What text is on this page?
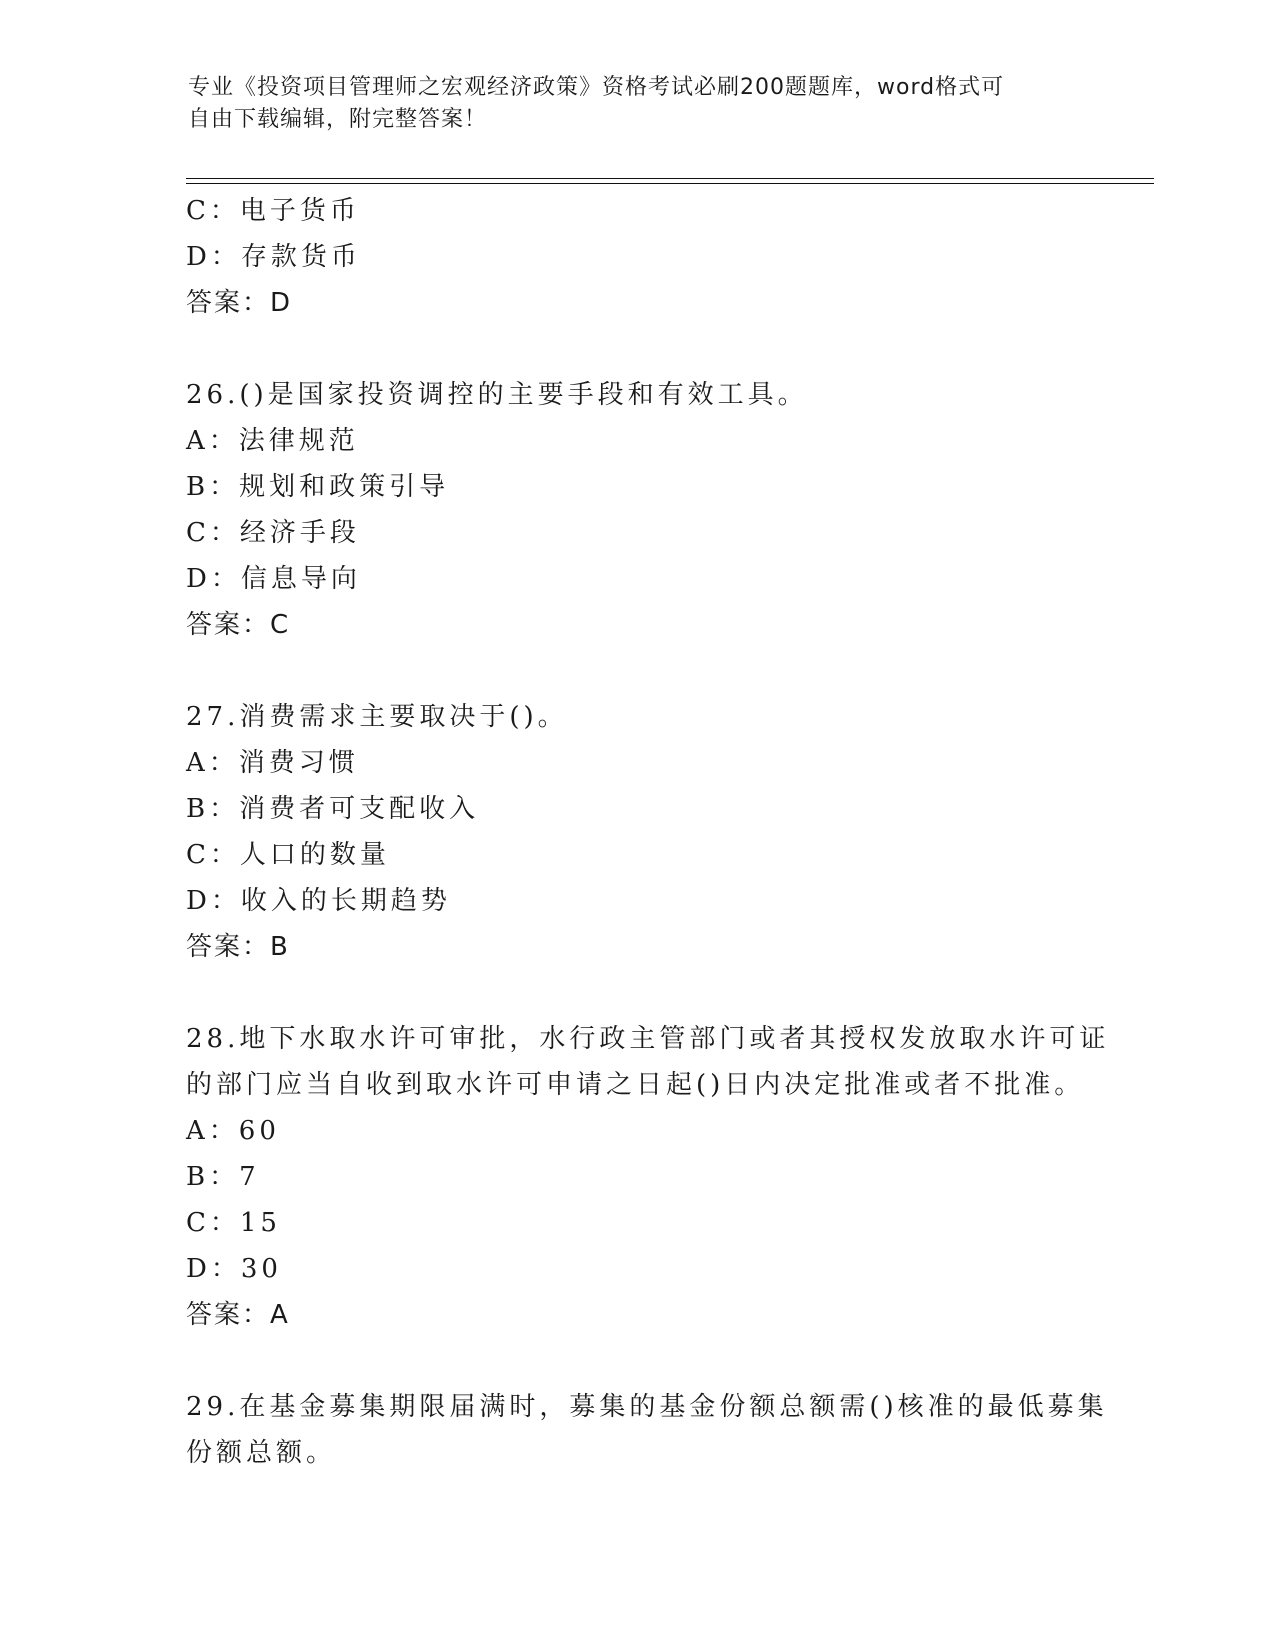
专业《投资项目管理师之宏观经济政策》资格考试必刷200题题库，word格式可
自由下载编辑，附完整答案！
C：电子货币
D：存款货币
答案：D
26.()是国家投资调控的主要手段和有效工具。
A：法律规范
B：规划和政策引导
C：经济手段
D：信息导向
答案：C
27.消费需求主要取决于()。
A：消费习惯
B：消费者可支配收入
C：人口的数量
D：收入的长期趋势
答案：B
28.地下水取水许可审批，水行政主管部门或者其授权发放取水许可证
的部门应当自收到取水许可申请之日起()日内决定批准或者不批准。
A：60
B：7
C：15
D：30
答案：A
29.在基金募集期限届满时，募集的基金份额总额需()核准的最低募集
份额总额。
